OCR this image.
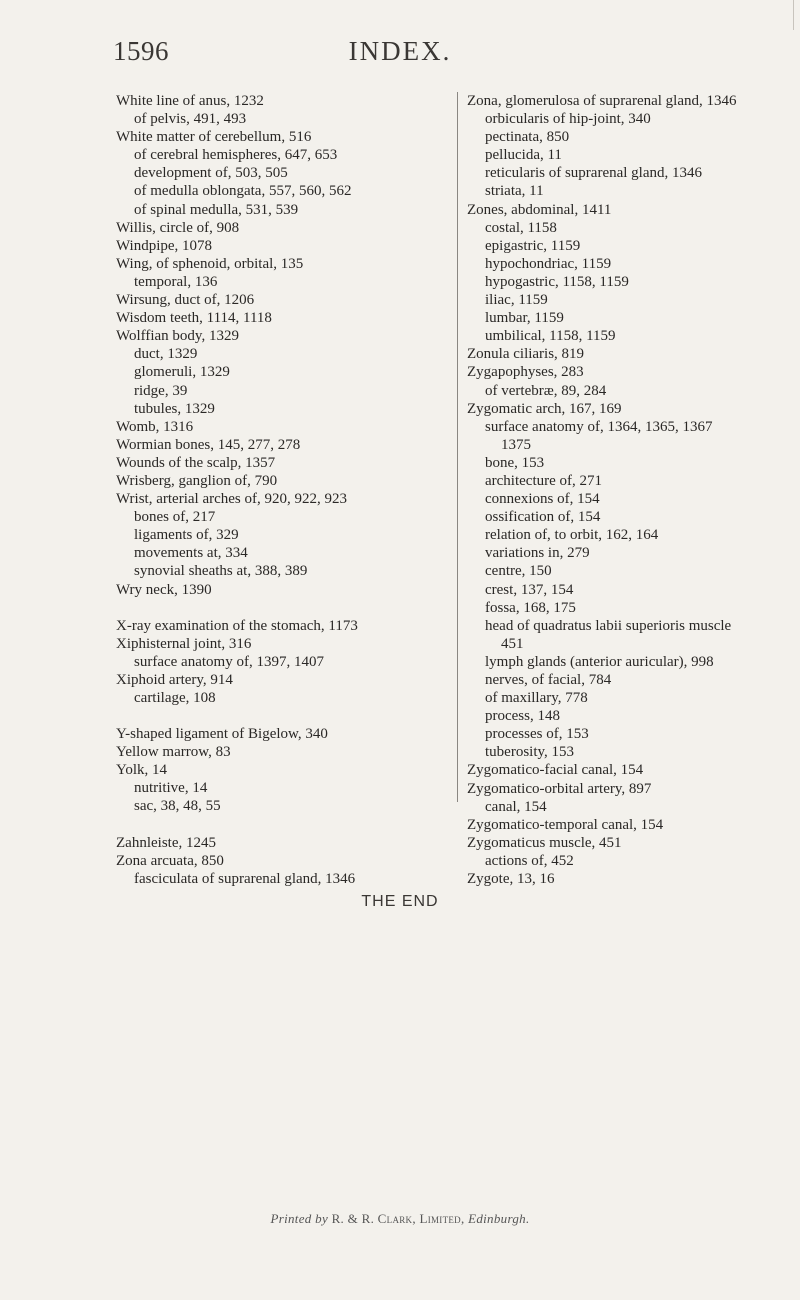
1596	INDEX.
White line of anus, 1232
of pelvis, 491, 493
White matter of cerebellum, 516
of cerebral hemispheres, 647, 653
development of, 503, 505
of medulla oblongata, 557, 560, 562
of spinal medulla, 531, 539
Willis, circle of, 908
Windpipe, 1078
Wing, of sphenoid, orbital, 135
temporal, 136
Wirsung, duct of, 1206
Wisdom teeth, 1114, 1118
Wolffian body, 1329
duct, 1329
glomeruli, 1329
ridge, 39
tubules, 1329
Womb, 1316
Wormian bones, 145, 277, 278
Wounds of the scalp, 1357
Wrisberg, ganglion of, 790
Wrist, arterial arches of, 920, 922, 923
bones of, 217
ligaments of, 329
movements at, 334
synovial sheaths at, 388, 389
Wry neck, 1390
X-ray examination of the stomach, 1173
Xiphisternal joint, 316
surface anatomy of, 1397, 1407
Xiphoid artery, 914
cartilage, 108
Y-shaped ligament of Bigelow, 340
Yellow marrow, 83
Yolk, 14
nutritive, 14
sac, 38, 48, 55
Zahnleiste, 1245
Zona arcuata, 850
fasciculata of suprarenal gland, 1346
Zona, glomerulosa of suprarenal gland, 1346
orbicularis of hip-joint, 340
pectinata, 850
pellucida, 11
reticularis of suprarenal gland, 1346
striata, 11
Zones, abdominal, 1411
costal, 1158
epigastric, 1159
hypochondriac, 1159
hypogastric, 1158, 1159
iliac, 1159
lumbar, 1159
umbilical, 1158, 1159
Zonula ciliaris, 819
Zygapophyses, 283
of vertebræ, 89, 284
Zygomatic arch, 167, 169
surface anatomy of, 1364, 1365, 1367
1375
bone, 153
architecture of, 271
connexions of, 154
ossification of, 154
relation of, to orbit, 162, 164
variations in, 279
centre, 150
crest, 137, 154
fossa, 168, 175
head of quadratus labii superioris muscle
451
lymph glands (anterior auricular), 998
nerves, of facial, 784
of maxillary, 778
process, 148
processes of, 153
tuberosity, 153
Zygomatico-facial canal, 154
Zygomatico-orbital artery, 897
canal, 154
Zygomatico-temporal canal, 154
Zygomaticus muscle, 451
actions of, 452
Zygote, 13, 16
THE END
Printed by R. & R. Clark, Limited, Edinburgh.
